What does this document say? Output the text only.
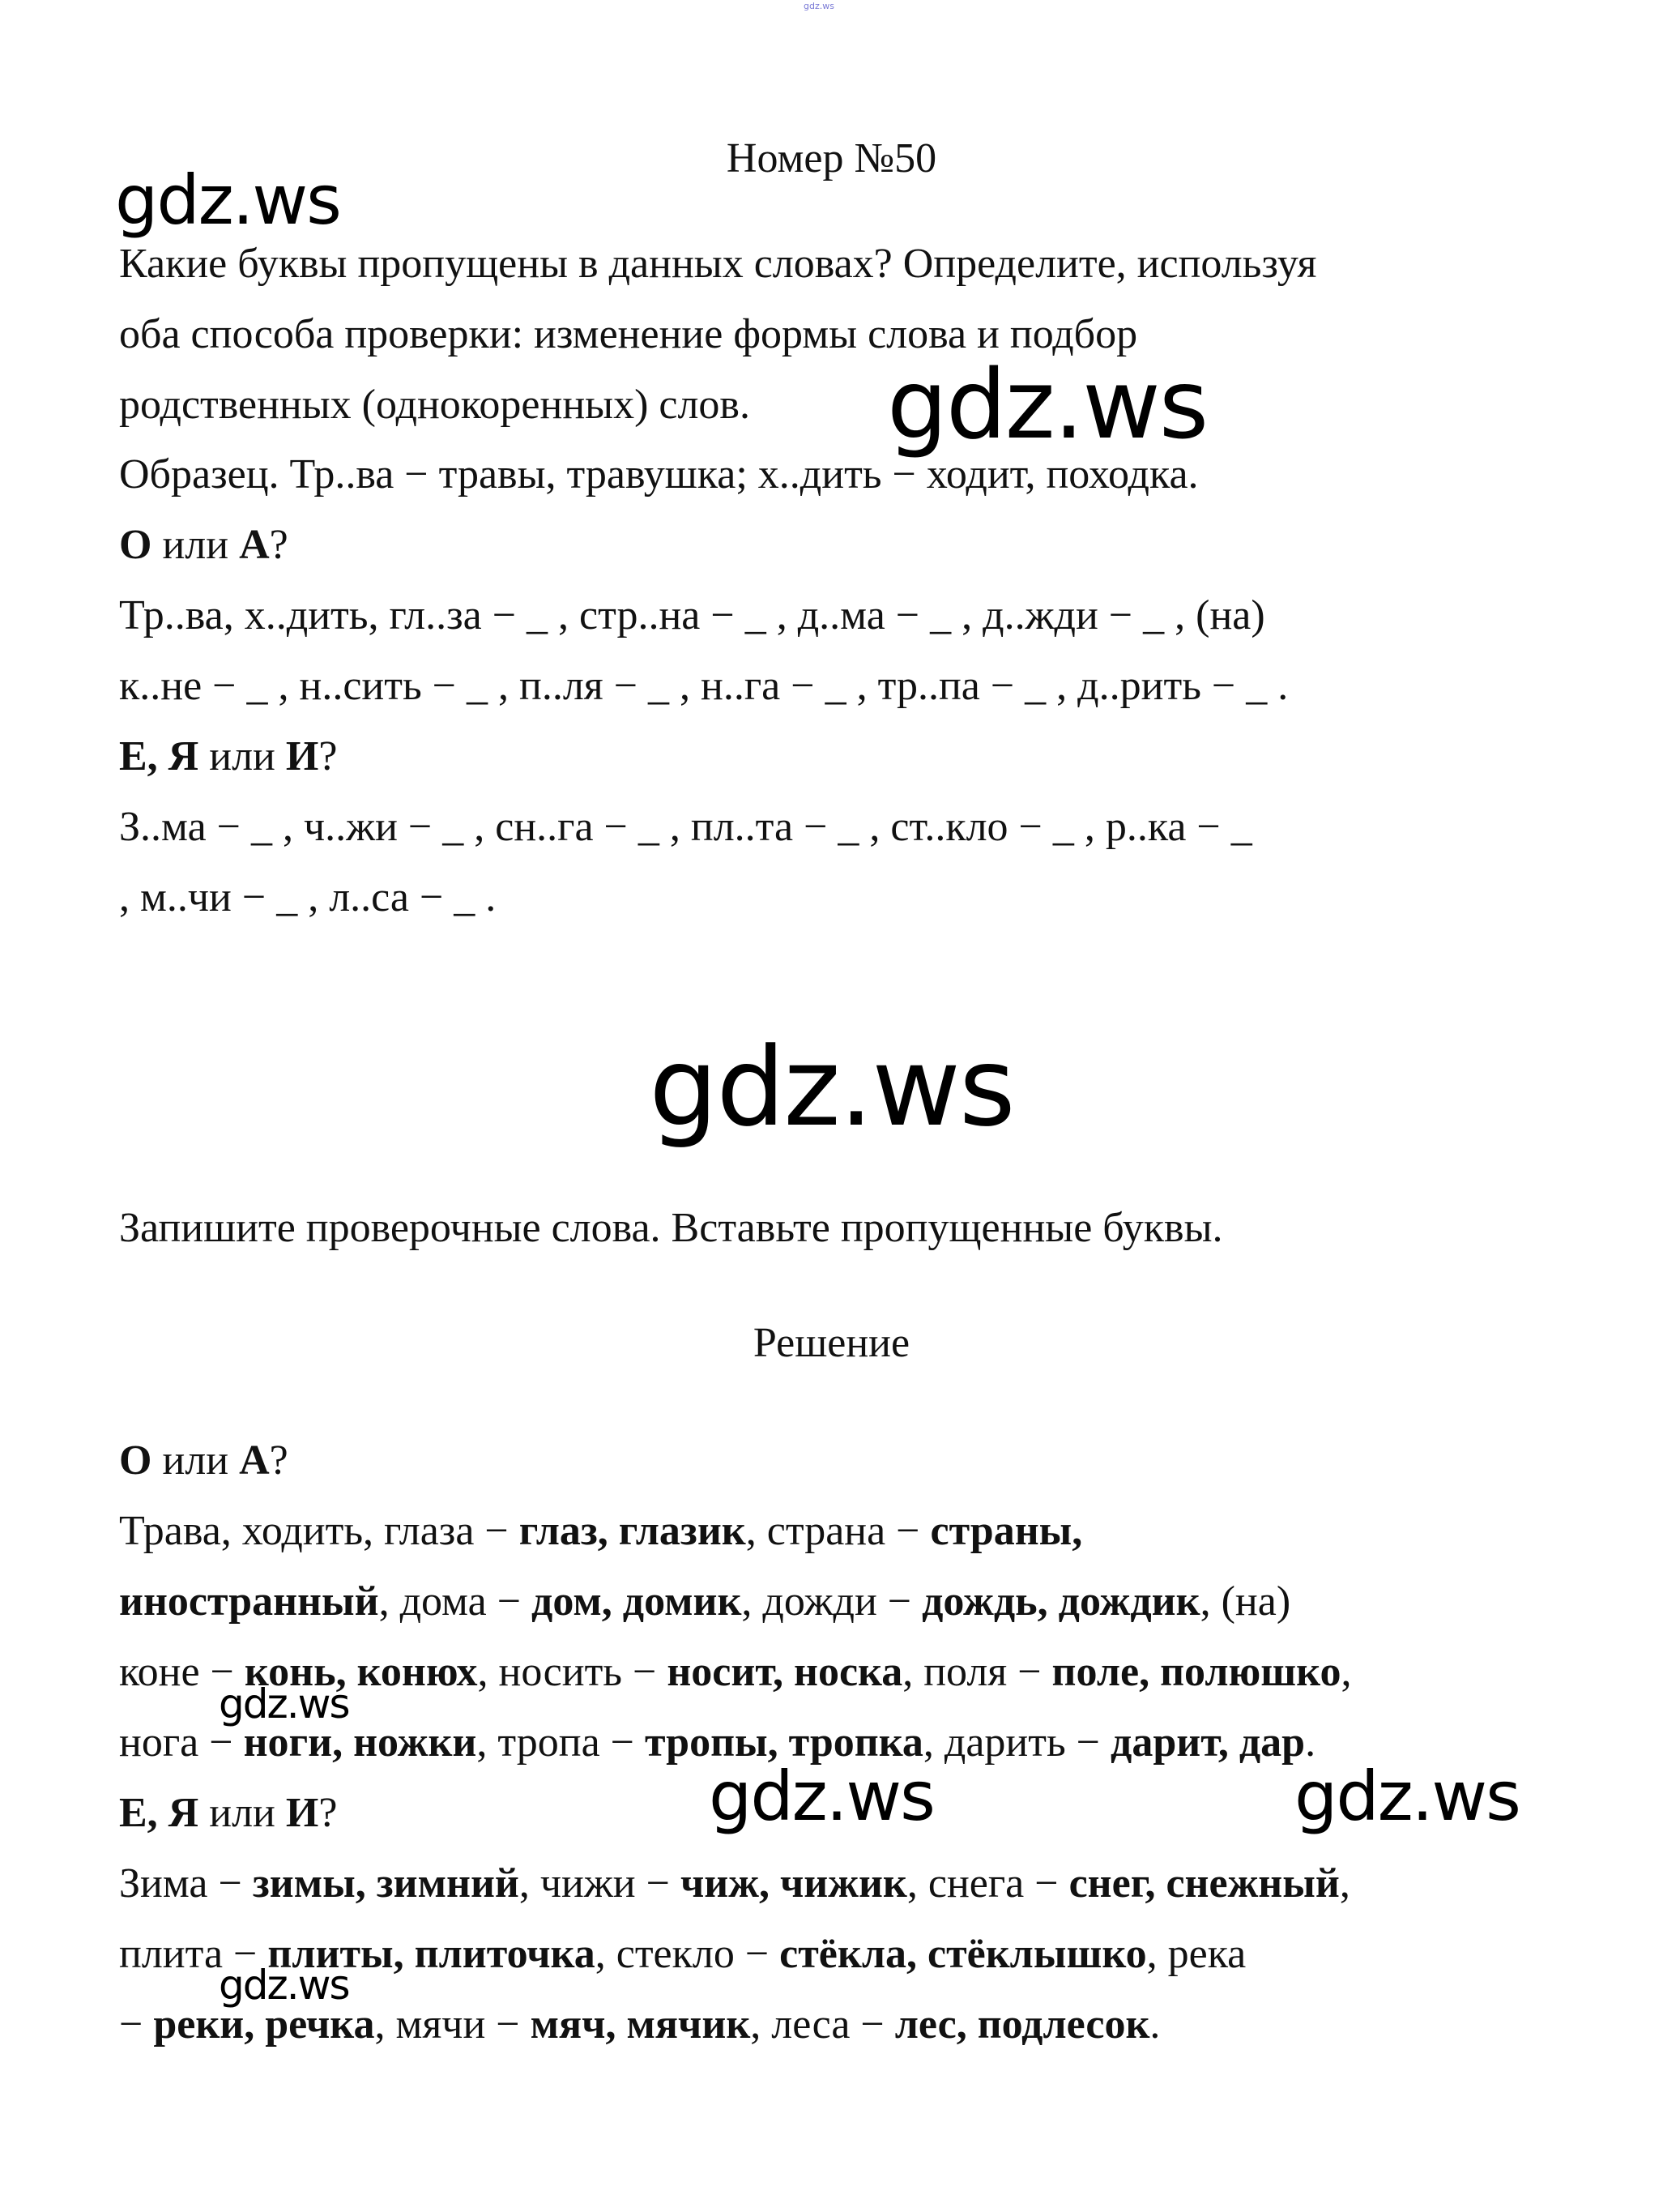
gdz.ws
Номер №50
gdz.ws
Какие буквы пропущены в данных словах? Определите, используя
оба способа проверки: изменение формы слова и подбор
родственных (однокоренных) слов. gdz.ws
Образец. Тр..ва − травы, травушка; х..дить − ходит, походка.
О или А?
Тр..ва, х..дить, гл..за − _ , стр..на − _ , д..ма − _ , д..жди − _ , (на)
к..не − _ , н..сить − _ , п..ля − _ , н..га − _ , тр..па − _ , д..рить − _ .
Е, Я или И?
З..ма − _ , ч..жи − _ , сн..га − _ , пл..та − _ , ст..кло − _ , р..ка − _
, м..чи − _ , л..са − _ .
gdz.ws
Запишите проверочные слова. Вставьте пропущенные буквы.
Решение
О или А?
Трава, ходить, глаза − глаз, глазик, страна − страны,
иностранный, дома − дом, домик, дожди − дождь, дождик, (на)
коне − конь, конюх, носить − носит, носка, поля − поле, полюшко,
gdz.ws
нога − ноги, ножки, тропа − тропы, тропка, дарить − дарит, дар.
Е, Я или И?	gdz.ws	gdz.ws
Зима − зимы, зимний, чижи − чиж, чижик, снега − снег, снежный,
плита − плиты, плиточка, стекло − стёкла, стёклышко, река
gdz.ws
− реки, речка, мячи − мяч, мячик, леса − лес, подлесок.
